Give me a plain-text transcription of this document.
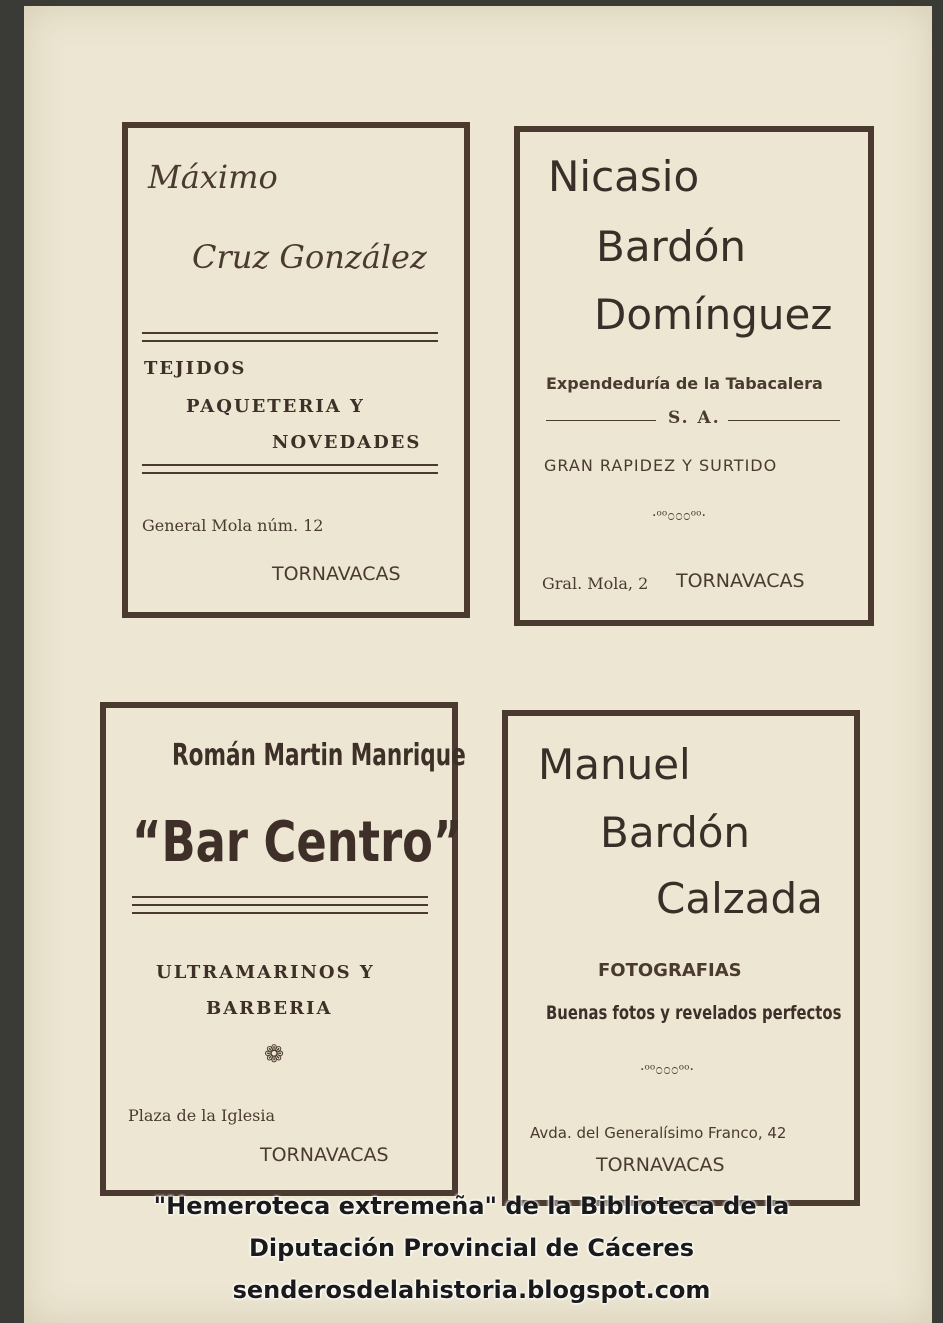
Máximo
Cruz González
TEJIDOS
PAQUETERIA Y
NOVEDADES
General Mola núm. 12
TORNAVACAS
Nicasio
Bardón
Domínguez
Expendeduría de la Tabacalera
S. A.
GRAN RAPIDEZ Y SURTIDO
·ᵒᵒ೦೦೦ᵒᵒ·
Gral. Mola, 2 TORNAVACAS
Román Martin Manrique
“Bar Centro”
ULTRAMARINOS Y
BARBERIA
❁
Plaza de la Iglesia
TORNAVACAS
Manuel
Bardón
Calzada
FOTOGRAFIAS
Buenas fotos y revelados perfectos
·ᵒᵒ೦೦೦ᵒᵒ·
Avda. del Generalísimo Franco, 42
TORNAVACAS
"Hemeroteca extremeña" de la Biblioteca de la
Diputación Provincial de Cáceres
senderosdelahistoria.blogspot.com
